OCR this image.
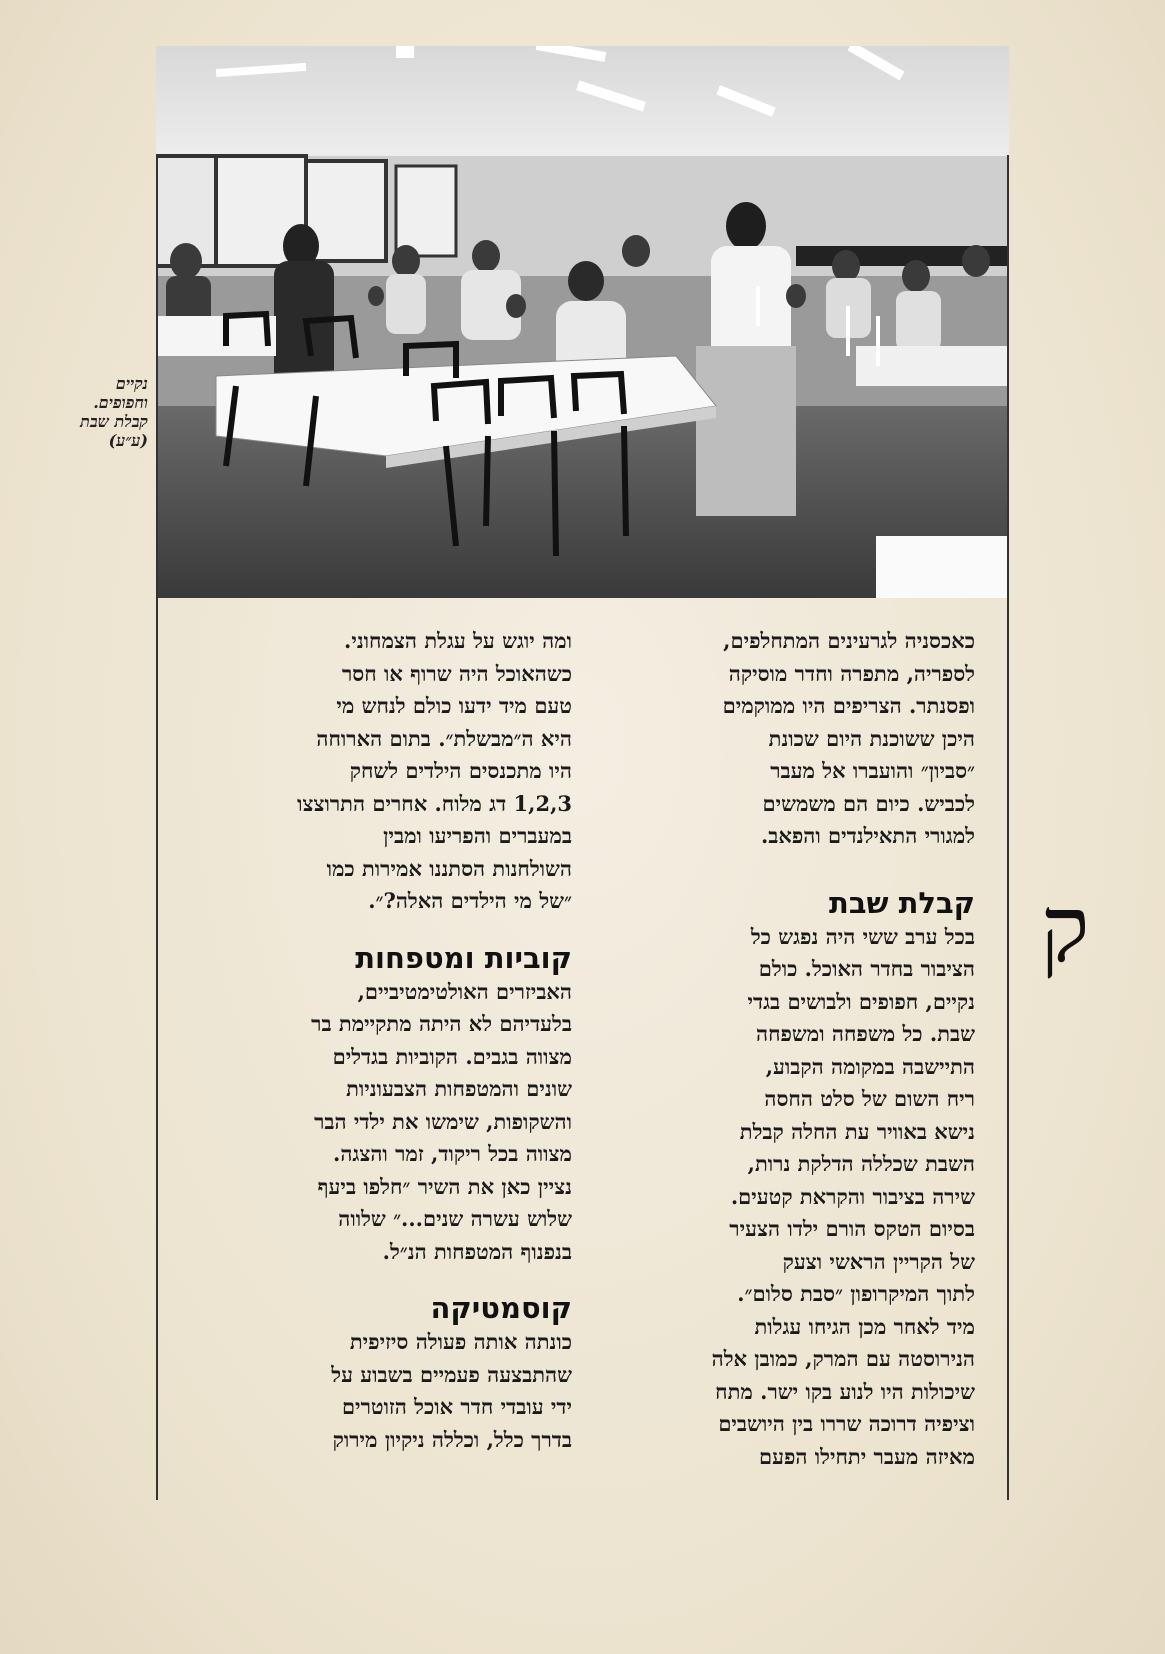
נקיים
וחפופים.
קבלת שבת
(ע״ע)
ק
כאכסניה לגרעינים המתחלפים,
לספריה, מתפרה וחדר מוסיקה
ופסנתר. הצריפים היו ממוקמים
היכן ששוכנת היום שכונת
״סביון״ והועברו אל מעבר
לכביש. כיום הם משמשים
למגורי התאילנדים והפאב.
קבלת שבת
בכל ערב ששי היה נפגש כל
הציבור בחדר האוכל. כולם
נקיים, חפופים ולבושים בגדי
שבת. כל משפחה ומשפחה
התיישבה במקומה הקבוע,
ריח השום של סלט החסה
נישא באוויר עת החלה קבלת
השבת שכללה הדלקת נרות,
שירה בציבור והקראת קטעים.
בסיום הטקס הורם ילדו הצעיר
של הקריין הראשי וצעק
לתוך המיקרופון ״סבת סלום״.
מיד לאחר מכן הגיחו עגלות
הנירוסטה עם המרק, כמובן אלה
שיכולות היו לנוע בקו ישר. מתח
וציפיה דרוכה שררו בין היושבים
מאיזה מעבר יתחילו הפעם
ומה יוגש על עגלת הצמחוני.
כשהאוכל היה שרוף או חסר
טעם מיד ידעו כולם לנחש מי
היא ה״מבשלת״. בתום הארוחה
היו מתכנסים הילדים לשחק
1,2,3 דג מלוח. אחרים התרוצצו
במעברים והפריעו ומבין
השולחנות הסתננו אמירות כמו
״של מי הילדים האלה?״.
קוביות ומטפחות
האביזרים האולטימטיביים,
בלעדיהם לא היתה מתקיימת בר
מצווה בגבים. הקוביות בגדלים
שונים והמטפחות הצבעוניות
והשקופות, שימשו את ילדי הבר
מצווה בכל ריקוד, זמר והצגה.
נציין כאן את השיר ״חלפו ביעף
שלוש עשרה שנים...״ שלווה
בנפנוף המטפחות הנ״ל.
קוסמטיקה
כונתה אותה פעולה סיזיפית
שהתבצעה פעמיים בשבוע על
ידי עובדי חדר אוכל הזוטרים
בדרך כלל, וכללה ניקיון מירוק
